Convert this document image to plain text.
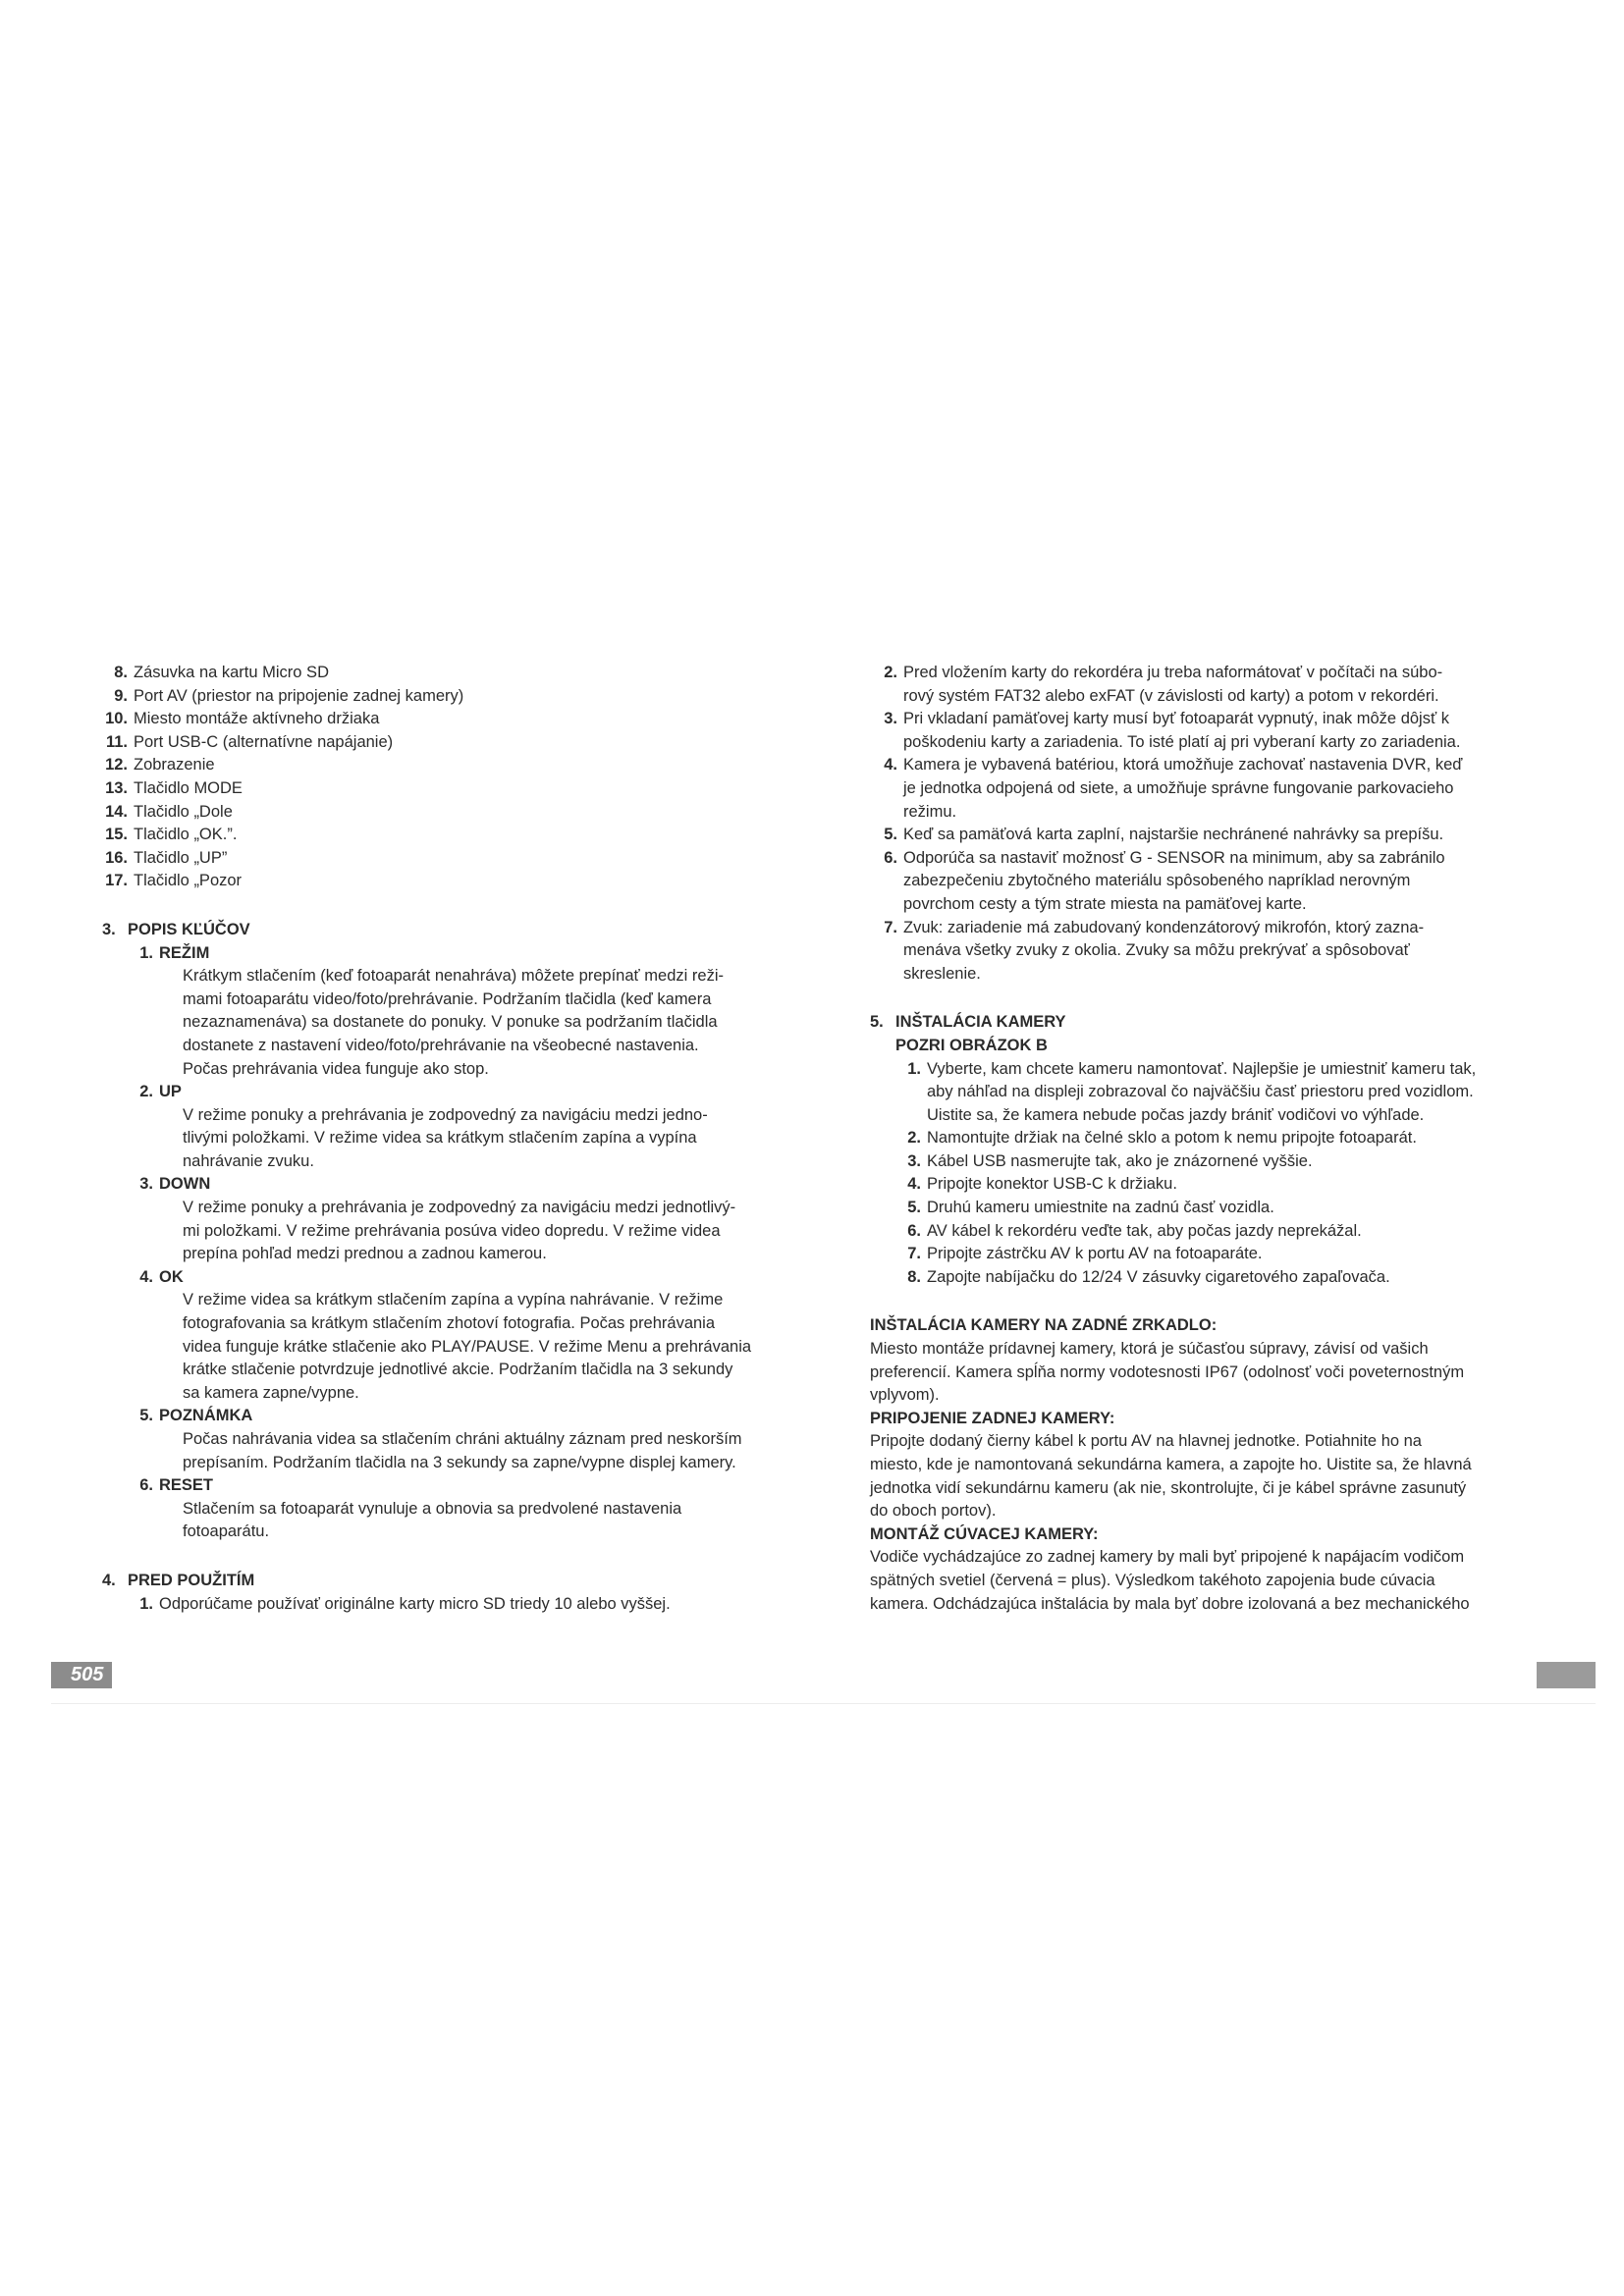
8. Zásuvka na kartu Micro SD
9. Port AV (priestor na pripojenie zadnej kamery)
10. Miesto montáže aktívneho držiaka
11. Port USB-C (alternatívne napájanie)
12. Zobrazenie
13. Tlačidlo MODE
14. Tlačidlo „Dole
15. Tlačidlo „OK.”.
16. Tlačidlo „UP”
17. Tlačidlo „Pozor
3. POPIS KĽÚČOV
1. REŽIM
Krátkym stlačením (keď fotoaparát nenahráva) môžete prepínať medzi reži-
mami fotoaparátu video/foto/prehrávanie. Podržaním tlačidla (keď kamera
nezaznamenáva) sa dostanete do ponuky. V ponuke sa podržaním tlačidla
dostanete z nastavení video/foto/prehrávanie na všeobecné nastavenia.
Počas prehrávania videa funguje ako stop.
2. UP
V režime ponuky a prehrávania je zodpovedný za navigáciu medzi jedno-
tlivými položkami. V režime videa sa krátkym stlačením zapína a vypína
nahrávanie zvuku.
3. DOWN
V režime ponuky a prehrávania je zodpovedný za navigáciu medzi jednotlivý-
mi položkami. V režime prehrávania posúva video dopredu. V režime videa
prepína pohľad medzi prednou a zadnou kamerou.
4. OK
V režime videa sa krátkym stlačením zapína a vypína nahrávanie. V režime
fotografovania sa krátkym stlačením zhotoví fotografia. Počas prehrávania
videa funguje krátke stlačenie ako PLAY/PAUSE. V režime Menu a prehrávania
krátke stlačenie potvrdzuje jednotlivé akcie. Podržaním tlačidla na 3 sekundy
sa kamera zapne/vypne.
5. POZNÁMKA
Počas nahrávania videa sa stlačením chráni aktuálny záznam pred neskorším
prepísaním. Podržaním tlačidla na 3 sekundy sa zapne/vypne displej kamery.
6. RESET
Stlačením sa fotoaparát vynuluje a obnovia sa predvolené nastavenia
fotoaparátu.
4. PRED POUŽITÍM
1. Odporúčame používať originálne karty micro SD triedy 10 alebo vyššej.
2. Pred vložením karty do rekordéra ju treba naformátovať v počítači na súbo-
rový systém FAT32 alebo exFAT (v závislosti od karty) a potom v rekordéri.
3. Pri vkladaní pamäťovej karty musí byť fotoaparát vypnutý, inak môže dôjsť k
poškodeniu karty a zariadenia. To isté platí aj pri vyberaní karty zo zariadenia.
4. Kamera je vybavená batériou, ktorá umožňuje zachovať nastavenia DVR, keď
je jednotka odpojená od siete, a umožňuje správne fungovanie parkovacieho
režimu.
5. Keď sa pamäťová karta zaplní, najstaršie nechránené nahrávky sa prepíšu.
6. Odporúča sa nastaviť možnosť G - SENSOR na minimum, aby sa zabránilo
zabezpečeniu zbytočného materiálu spôsobeného napríklad nerovným
povrchom cesty a tým strate miesta na pamäťovej karte.
7. Zvuk: zariadenie má zabudovaný kondenzátorový mikrofón, ktorý zazna-
menáva všetky zvuky z okolia. Zvuky sa môžu prekrývať a spôsobovať
skreslenie.
5. INŠTALÁCIA KAMERY
POZRI OBRÁZOK B
1. Vyberte, kam chcete kameru namontovať. Najlepšie je umiestniť kameru tak,
aby náhľad na displeji zobrazoval čo najväčšiu časť priestoru pred vozidlom.
Uistite sa, že kamera nebude počas jazdy brániť vodičovi vo výhľade.
2. Namontujte držiak na čelné sklo a potom k nemu pripojte fotoaparát.
3. Kábel USB nasmerujte tak, ako je znázornené vyššie.
4. Pripojte konektor USB-C k držiaku.
5. Druhú kameru umiestnite na zadnú časť vozidla.
6. AV kábel k rekordéru veďte tak, aby počas jazdy neprekážal.
7. Pripojte zástrčku AV k portu AV na fotoaparáte.
8. Zapojte nabíjačku do 12/24 V zásuvky cigaretového zapaľovača.
INŠTALÁCIA KAMERY NA ZADNÉ ZRKADLO:
Miesto montáže prídavnej kamery, ktorá je súčasťou súpravy, závisí od vašich
preferencií. Kamera spĺňa normy vodotesnosti IP67 (odolnosť voči poveternostným
vplyvom).
PRIPOJENIE ZADNEJ KAMERY:
Pripojte dodaný čierny kábel k portu AV na hlavnej jednotke. Potiahnite ho na
miesto, kde je namontovaná sekundárna kamera, a zapojte ho. Uistite sa, že hlavná
jednotka vidí sekundárnu kameru (ak nie, skontrolujte, či je kábel správne zasunutý
do oboch portov).
MONTÁŽ CÚVACEJ KAMERY:
Vodiče vychádzajúce zo zadnej kamery by mali byť pripojené k napájacím vodičom
spätných svetiel (červená = plus). Výsledkom takéhoto zapojenia bude cúvacia
kamera. Odchádzajúca inštalácia by mala byť dobre izolovaná a bez mechanického
505
